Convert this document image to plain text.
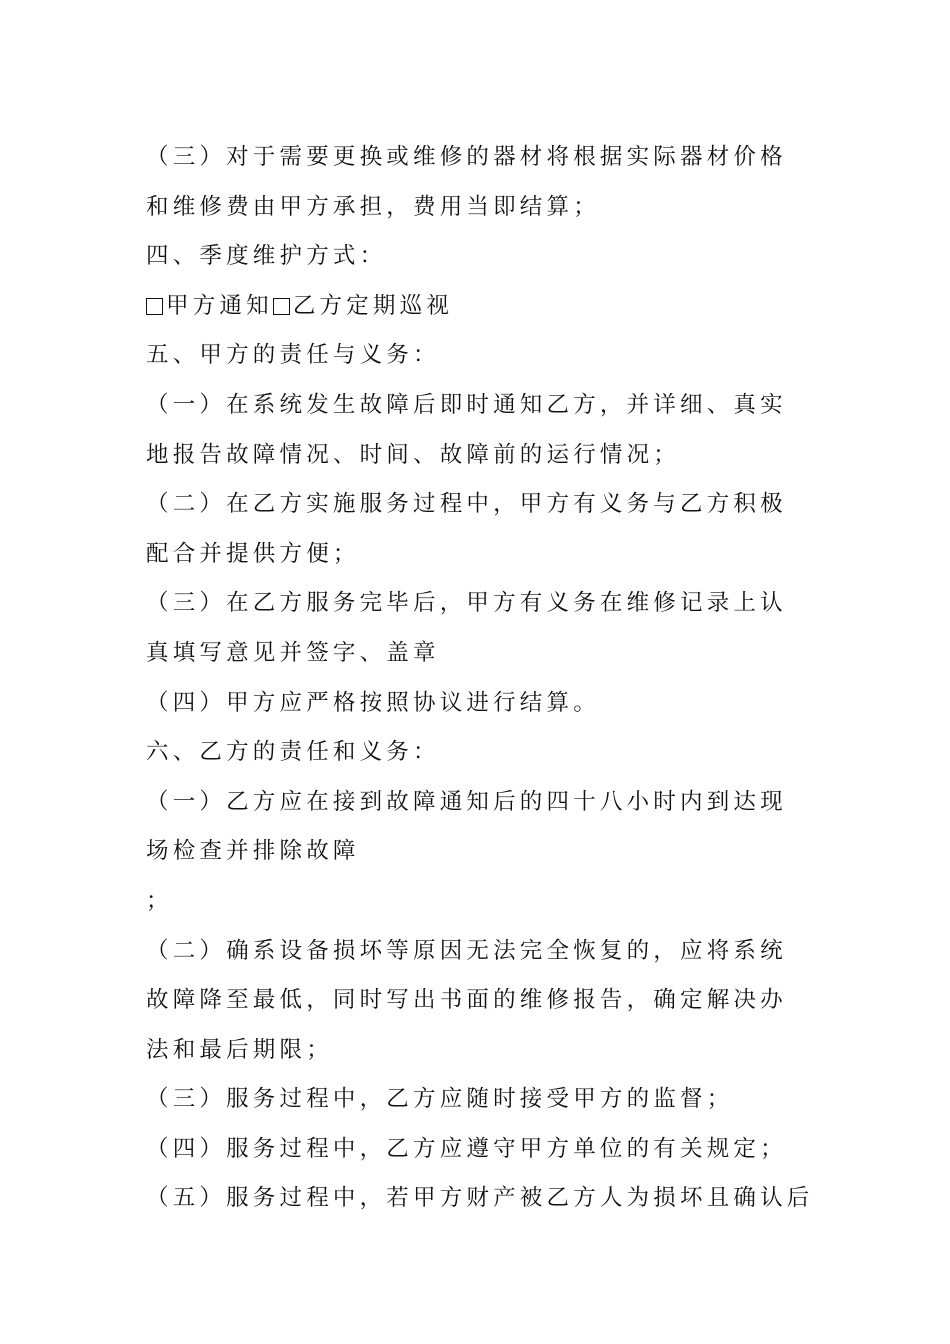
（三）对于需要更换或维修的器材将根据实际器材价格和维修费由甲方承担，费用当即结算；

四、季度维护方式：

甲方通知 乙方定期巡视

五、甲方的责任与义务：

（一）在系统发生故障后即时通知乙方，并详细、真实地报告故障情况、时间、故障前的运行情况；

（二）在乙方实施服务过程中，甲方有义务与乙方积极配合并提供方便；

（三）在乙方服务完毕后，甲方有义务在维修记录上认真填写意见并签字、盖章

（四）甲方应严格按照协议进行结算。

六、乙方的责任和义务：

（一）乙方应在接到故障通知后的四十八小时内到达现场检查并排除故障

；

（二）确系设备损坏等原因无法完全恢复的，应将系统故障降至最低，同时写出书面的维修报告，确定解决办法和最后期限；

（三）服务过程中，乙方应随时接受甲方的监督；

（四）服务过程中，乙方应遵守甲方单位的有关规定；

（五）服务过程中，若甲方财产被乙方人为损坏且确认后
